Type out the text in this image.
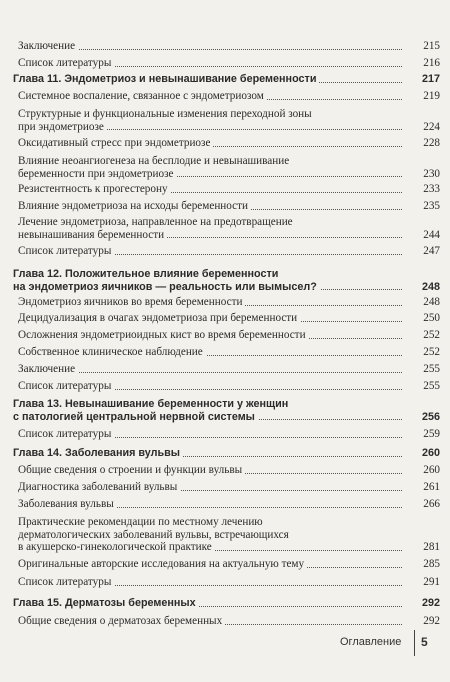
Заключение	215
Список литературы	216
Глава 11. Эндометриоз и невынашивание беременности	217
Системное воспаление, связанное с эндометриозом	219
Структурные и функциональные изменения переходной зоны
при эндометриозе	224
Оксидативный стресс при эндометриозе	228
Влияние неоангиогенеза на бесплодие и невынашивание
беременности при эндометриозе	230
Резистентность к прогестерону	233
Влияние эндометриоза на исходы беременности	235
Лечение эндометриоза, направленное на предотвращение
невынашивания беременности	244
Список литературы	247
Глава 12. Положительное влияние беременности
на эндометриоз яичников — реальность или вымысел?	248
Эндометриоз яичников во время беременности	248
Децидуализация в очагах эндометриоза при беременности	250
Осложнения эндометриоидных кист во время беременности	252
Собственное клиническое наблюдение	252
Заключение	255
Список литературы	255
Глава 13. Невынашивание беременности у женщин
с патологией центральной нервной системы	256
Список литературы	259
Глава 14. Заболевания вульвы	260
Общие сведения о строении и функции вульвы	260
Диагностика заболеваний вульвы	261
Заболевания вульвы	266
Практические рекомендации по местному лечению
дерматологических заболеваний вульвы, встречающихся
в акушерско-гинекологической практике	281
Оригинальные авторские исследования на актуальную тему	285
Список литературы	291
Глава 15. Дерматозы беременных	292
Общие сведения о дерматозах беременных	292
Оглавление 5
